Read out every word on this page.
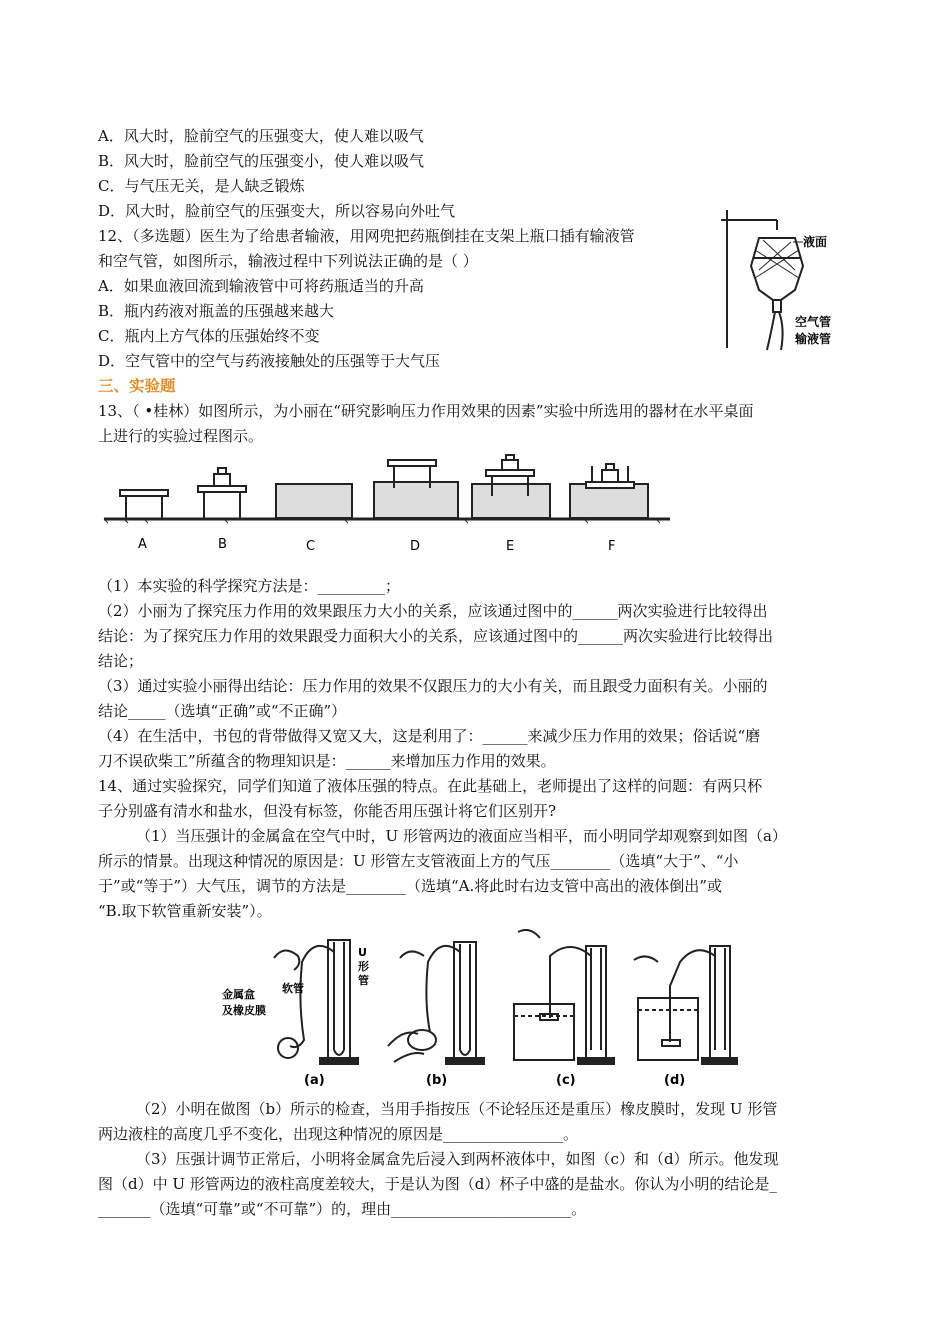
A．风大时，脸前空气的压强变大，使人难以吸气
B．风大时，脸前空气的压强变小，使人难以吸气
C．与气压无关，是人缺乏锻炼
D．风大时，脸前空气的压强变大，所以容易向外吐气
12、（多选题）医生为了给患者输液，用网兜把药瓶倒挂在支架上瓶口插有输液管
和空气管，如图所示，输液过程中下列说法正确的是（ ）
A．如果血液回流到输液管中可将药瓶适当的升高
B．瓶内药液对瓶盖的压强越来越大
C．瓶内上方气体的压强始终不变
D．空气管中的空气与药液接触处的压强等于大气压
液面
空气管
输液管
三、实验题
13、（ •桂林）如图所示，为小丽在“研究影响压力作用效果的因素”实验中所选用的器材在水平桌面
上进行的实验过程图示。
A	B	C	D	E	F
（1）本实验的科学探究方法是：_________；
（2）小丽为了探究压力作用的效果跟压力大小的关系，应该通过图中的______两次实验进行比较得出
结论：为了探究压力作用的效果跟受力面积大小的关系，应该通过图中的______两次实验进行比较得出
结论；
（3）通过实验小丽得出结论：压力作用的效果不仅跟压力的大小有关，而且跟受力面积有关。小丽的
结论_____（选填“正确”或“不正确”）
（4）在生活中，书包的背带做得又宽又大，这是利用了：______来减少压力作用的效果；俗话说“磨
刀不误砍柴工”所蕴含的物理知识是：______来增加压力作用的效果。
14、通过实验探究，同学们知道了液体压强的特点。在此基础上，老师提出了这样的问题：有两只杯
子分别盛有清水和盐水，但没有标签，你能否用压强计将它们区别开?
（1）当压强计的金属盒在空气中时，U 形管两边的液面应当相平，而小明同学却观察到如图（a）
所示的情景。出现这种情况的原因是：U 形管左支管液面上方的气压________（选填“大于”、“小
于”或“等于”）大气压，调节的方法是________（选填“A.将此时右边支管中高出的液体倒出”或
“B.取下软管重新安装”）。
U
形
管
软管
金属盒
及橡皮膜
(a)	(b)	(c)	(d)
（2）小明在做图（b）所示的检查，当用手指按压（不论轻压还是重压）橡皮膜时，发现 U 形管
两边液柱的高度几乎不变化，出现这种情况的原因是________________。
（3）压强计调节正常后，小明将金属盒先后浸入到两杯液体中，如图（c）和（d）所示。他发现
图（d）中 U 形管两边的液柱高度差较大，于是认为图（d）杯子中盛的是盐水。你认为小明的结论是_
_______（选填“可靠”或“不可靠”）的，理由________________________。
